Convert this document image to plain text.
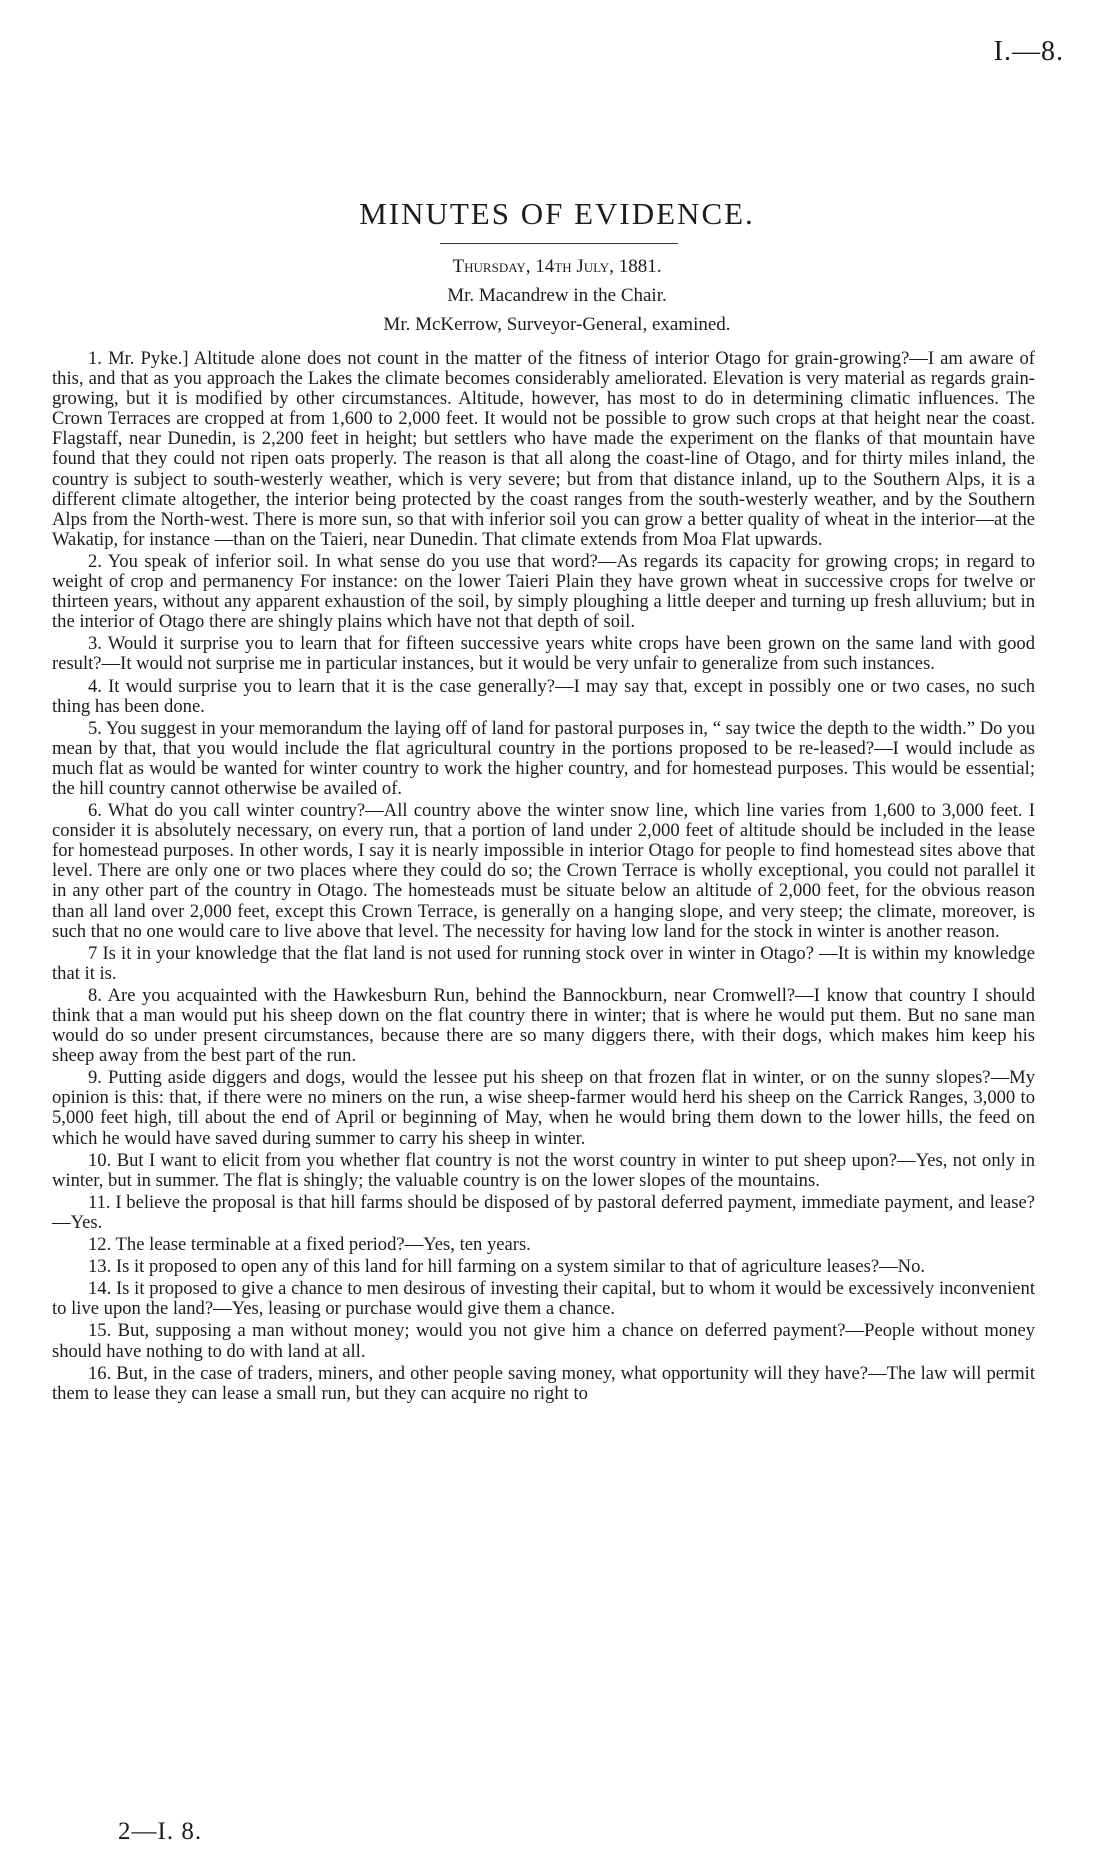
I.—8.
MINUTES OF EVIDENCE.
Thursday, 14th July, 1881.
Mr. Macandrew in the Chair.
Mr. McKerrow, Surveyor-General, examined.

1. Mr. Pyke.] Altitude alone does not count in the matter of the fitness of interior Otago for grain-growing?—I am aware of this, and that as you approach the Lakes the climate becomes considerably ameliorated. Elevation is very material as regards grain-growing, but it is modified by other circumstances. Altitude, however, has most to do in determining climatic influences. The Crown Terraces are cropped at from 1,600 to 2,000 feet. It would not be possible to grow such crops at that height near the coast. Flagstaff, near Dunedin, is 2,200 feet in height; but settlers who have made the experiment on the flanks of that mountain have found that they could not ripen oats properly. The reason is that all along the coast-line of Otago, and for thirty miles inland, the country is subject to south-westerly weather, which is very severe; but from that distance inland, up to the Southern Alps, it is a different climate altogether, the interior being protected by the coast ranges from the south-westerly weather, and by the Southern Alps from the North-west. There is more sun, so that with inferior soil you can grow a better quality of wheat in the interior—at the Wakatip, for instance —than on the Taieri, near Dunedin. That climate extends from Moa Flat upwards.

2. You speak of inferior soil. In what sense do you use that word?—As regards its capacity for growing crops; in regard to weight of crop and permanency For instance: on the lower Taieri Plain they have grown wheat in successive crops for twelve or thirteen years, without any apparent exhaustion of the soil, by simply ploughing a little deeper and turning up fresh alluvium; but in the interior of Otago there are shingly plains which have not that depth of soil.

3. Would it surprise you to learn that for fifteen successive years white crops have been grown on the same land with good result?—It would not surprise me in particular instances, but it would be very unfair to generalize from such instances.

4. It would surprise you to learn that it is the case generally?—I may say that, except in possibly one or two cases, no such thing has been done.

5. You suggest in your memorandum the laying off of land for pastoral purposes in, “ say twice the depth to the width.” Do you mean by that, that you would include the flat agricultural country in the portions proposed to be re-leased?—I would include as much flat as would be wanted for winter country to work the higher country, and for homestead purposes. This would be essential; the hill country cannot otherwise be availed of.

6. What do you call winter country?—All country above the winter snow line, which line varies from 1,600 to 3,000 feet. I consider it is absolutely necessary, on every run, that a portion of land under 2,000 feet of altitude should be included in the lease for homestead purposes. In other words, I say it is nearly impossible in interior Otago for people to find homestead sites above that level. There are only one or two places where they could do so; the Crown Terrace is wholly exceptional, you could not parallel it in any other part of the country in Otago. The homesteads must be situate below an altitude of 2,000 feet, for the obvious reason than all land over 2,000 feet, except this Crown Terrace, is generally on a hanging slope, and very steep; the climate, moreover, is such that no one would care to live above that level. The necessity for having low land for the stock in winter is another reason.

7 Is it in your knowledge that the flat land is not used for running stock over in winter in Otago? —It is within my knowledge that it is.

8. Are you acquainted with the Hawkesburn Run, behind the Bannockburn, near Cromwell?—I know that country I should think that a man would put his sheep down on the flat country there in winter; that is where he would put them. But no sane man would do so under present circumstances, because there are so many diggers there, with their dogs, which makes him keep his sheep away from the best part of the run.

9. Putting aside diggers and dogs, would the lessee put his sheep on that frozen flat in winter, or on the sunny slopes?—My opinion is this: that, if there were no miners on the run, a wise sheep-farmer would herd his sheep on the Carrick Ranges, 3,000 to 5,000 feet high, till about the end of April or beginning of May, when he would bring them down to the lower hills, the feed on which he would have saved during summer to carry his sheep in winter.

10. But I want to elicit from you whether flat country is not the worst country in winter to put sheep upon?—Yes, not only in winter, but in summer. The flat is shingly; the valuable country is on the lower slopes of the mountains.

11. I believe the proposal is that hill farms should be disposed of by pastoral deferred payment, immediate payment, and lease?—Yes.

12. The lease terminable at a fixed period?—Yes, ten years.

13. Is it proposed to open any of this land for hill farming on a system similar to that of agriculture leases?—No.

14. Is it proposed to give a chance to men desirous of investing their capital, but to whom it would be excessively inconvenient to live upon the land?—Yes, leasing or purchase would give them a chance.

15. But, supposing a man without money; would you not give him a chance on deferred payment?—People without money should have nothing to do with land at all.

16. But, in the case of traders, miners, and other people saving money, what opportunity will they have?—The law will permit them to lease they can lease a small run, but they can acquire no right to

2—I. 8.
